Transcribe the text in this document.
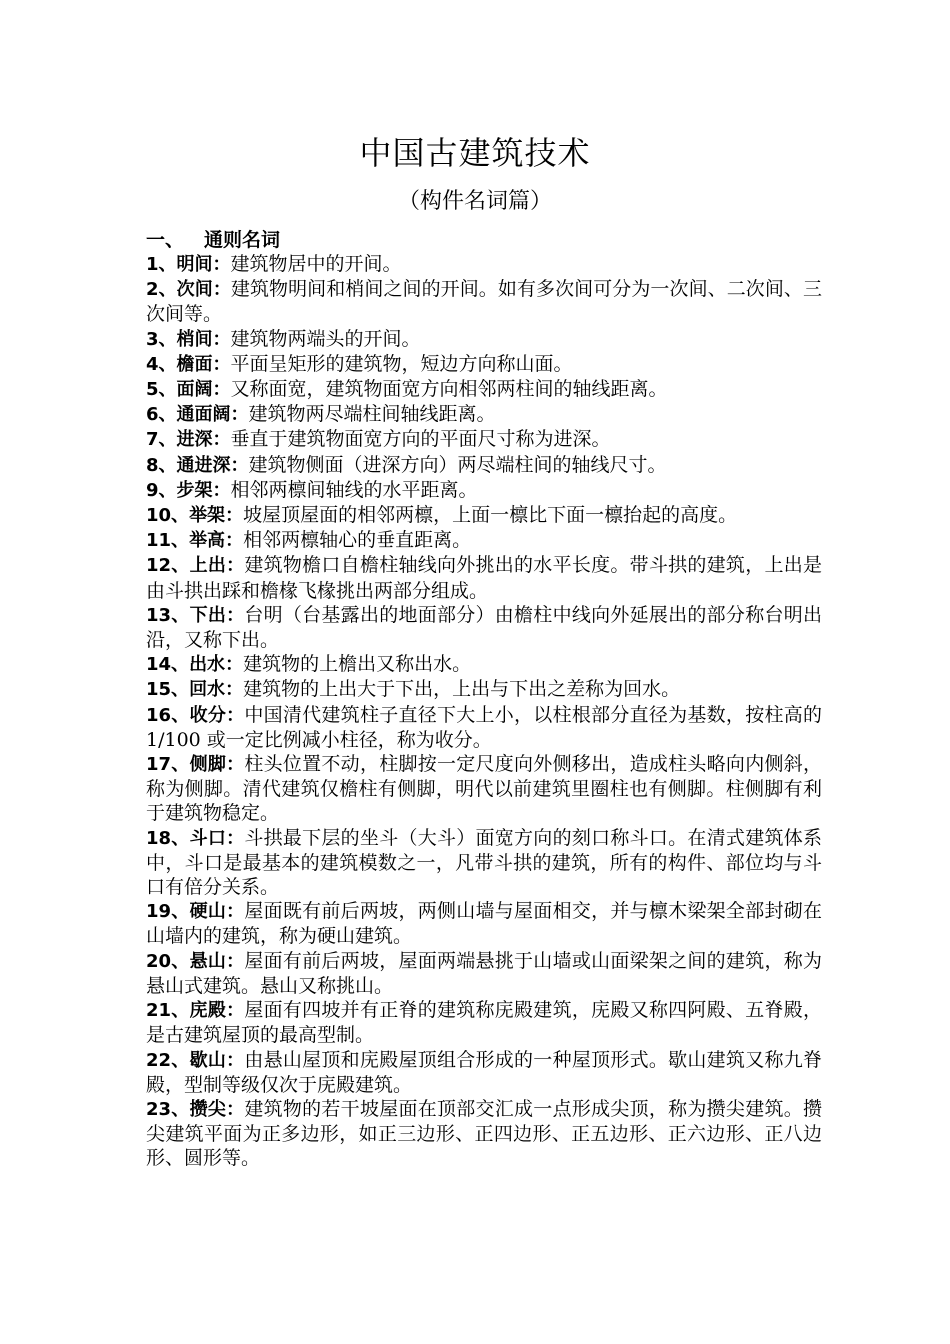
中国古建筑技术
（构件名词篇）
一、 通则名词

1、明间：建筑物居中的开间。

2、次间：建筑物明间和梢间之间的开间。如有多次间可分为一次间、二次间、三次间等。

3、梢间：建筑物两端头的开间。

4、檐面：平面呈矩形的建筑物，短边方向称山面。

5、面阔：又称面宽，建筑物面宽方向相邻两柱间的轴线距离。

6、通面阔：建筑物两尽端柱间轴线距离。

7、进深：垂直于建筑物面宽方向的平面尺寸称为进深。

8、通进深：建筑物侧面（进深方向）两尽端柱间的轴线尺寸。

9、步架：相邻两檩间轴线的水平距离。

10、举架：坡屋顶屋面的相邻两檩，上面一檩比下面一檩抬起的高度。

11、举高：相邻两檩轴心的垂直距离。

12、上出：建筑物檐口自檐柱轴线向外挑出的水平长度。带斗拱的建筑，上出是由斗拱出踩和檐椽飞椽挑出两部分组成。

13、下出：台明（台基露出的地面部分）由檐柱中线向外延展出的部分称台明出沿，又称下出。

14、出水：建筑物的上檐出又称出水。

15、回水：建筑物的上出大于下出，上出与下出之差称为回水。

16、收分：中国清代建筑柱子直径下大上小，以柱根部分直径为基数，按柱高的 1/100 或一定比例减小柱径，称为收分。

17、侧脚：柱头位置不动，柱脚按一定尺度向外侧移出，造成柱头略向内侧斜，称为侧脚。清代建筑仅檐柱有侧脚，明代以前建筑里圈柱也有侧脚。柱侧脚有利于建筑物稳定。

18、斗口：斗拱最下层的坐斗（大斗）面宽方向的刻口称斗口。在清式建筑体系中，斗口是最基本的建筑模数之一，凡带斗拱的建筑，所有的构件、部位均与斗口有倍分关系。

19、硬山：屋面既有前后两坡，两侧山墙与屋面相交，并与檩木梁架全部封砌在山墙内的建筑，称为硬山建筑。

20、悬山：屋面有前后两坡，屋面两端悬挑于山墙或山面梁架之间的建筑，称为悬山式建筑。悬山又称挑山。

21、庑殿：屋面有四坡并有正脊的建筑称庑殿建筑，庑殿又称四阿殿、五脊殿，是古建筑屋顶的最高型制。

22、歇山：由悬山屋顶和庑殿屋顶组合形成的一种屋顶形式。歇山建筑又称九脊殿，型制等级仅次于庑殿建筑。

23、攒尖：建筑物的若干坡屋面在顶部交汇成一点形成尖顶，称为攒尖建筑。攒尖建筑平面为正多边形，如正三边形、正四边形、正五边形、正六边形、正八边形、圆形等。
